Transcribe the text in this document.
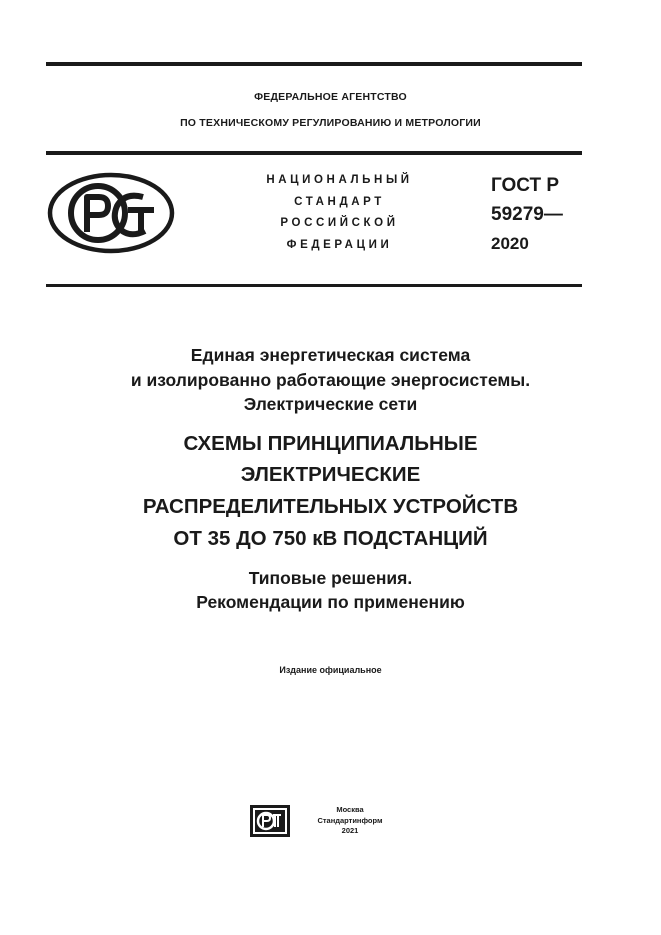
ФЕДЕРАЛЬНОЕ АГЕНТСТВО
ПО ТЕХНИЧЕСКОМУ РЕГУЛИРОВАНИЮ И МЕТРОЛОГИИ
НАЦИОНАЛЬНЫЙ
СТАНДАРТ
РОССИЙСКОЙ
ФЕДЕРАЦИИ
ГОСТ Р
59279—
2020
Единая энергетическая система
и изолированно работающие энергосистемы.
Электрические сети
СХЕМЫ ПРИНЦИПИАЛЬНЫЕ
ЭЛЕКТРИЧЕСКИЕ
РАСПРЕДЕЛИТЕЛЬНЫХ УСТРОЙСТВ
ОТ 35 ДО 750 кВ ПОДСТАНЦИЙ
Типовые решения.
Рекомендации по применению
Издание официальное
Москва
Стандартинформ
2021
